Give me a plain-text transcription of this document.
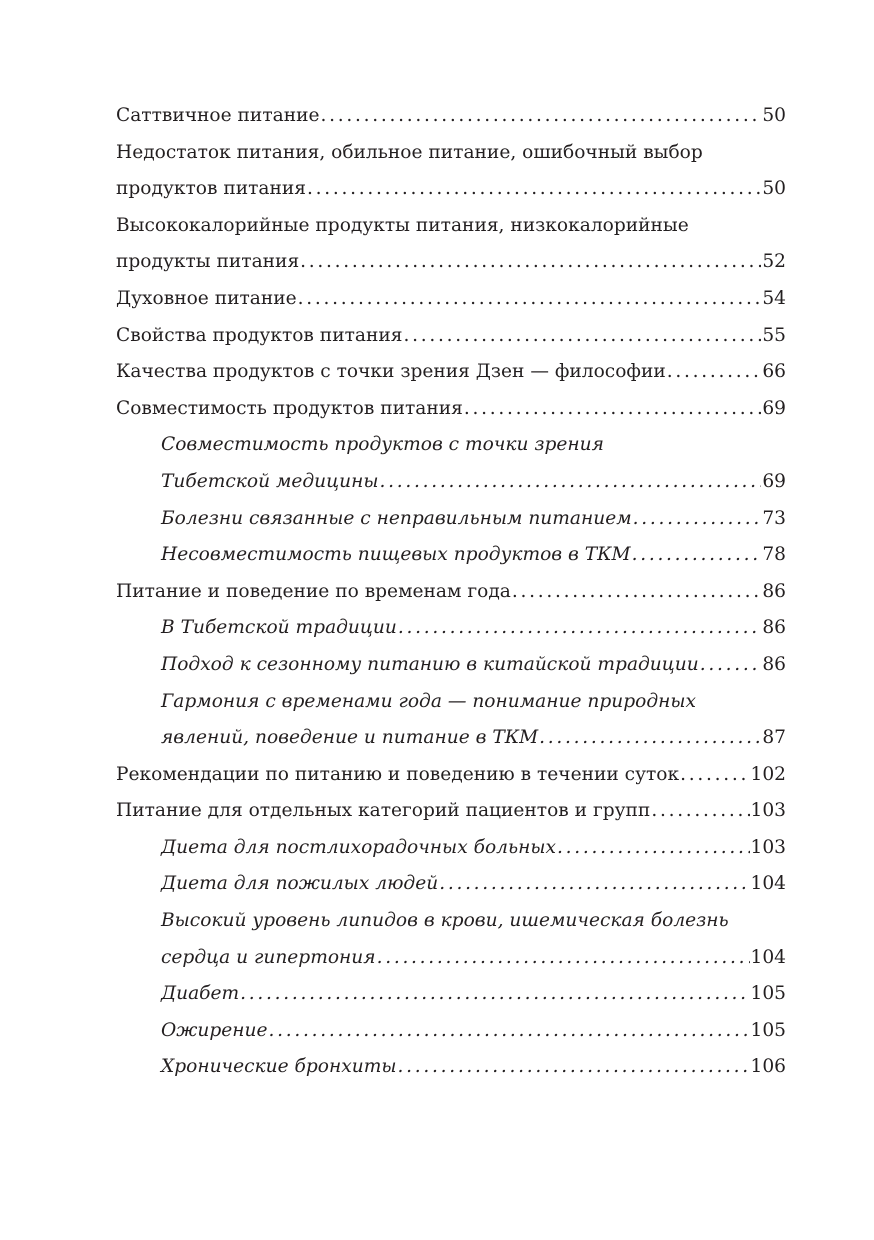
Саттвичное питание . . .	50
Недостаток питания, обильное питание, ошибочный выбор
продуктов питания . . .	50
Высококалорийные продукты питания, низкокалорийные
продукты питания . . .	52
Духовное питание . . .	54
Свойства продуктов питания . . .	55
Качества продуктов с точки зрения Дзен — философии . . .	66
Совместимость продуктов питания . . .	69
Совместимость продуктов с точки зрения
Тибетской медицины . . .	69
Болезни связанные с неправильным питанием . . .	73
Несовместимость пищевых продуктов в ТКМ . . .	78
Питание и поведение по временам года . . .	86
В Тибетской традиции . . .	86
Подход к сезонному питанию в китайской традиции . . .	86
Гармония с временами года — понимание природных
явлений, поведение и питание в ТКМ . . .	87
Рекомендации по питанию и поведению в течении суток . . .	102
Питание для отдельных категорий пациентов и групп . . .	103
Диета для постлихорадочных больных . . .	103
Диета для пожилых людей . . .	104
Высокий уровень липидов в крови, ишемическая болезнь
сердца и гипертония . . .	104
Диабет . . .	105
Ожирение . . .	105
Хронические бронхиты . . .	106
